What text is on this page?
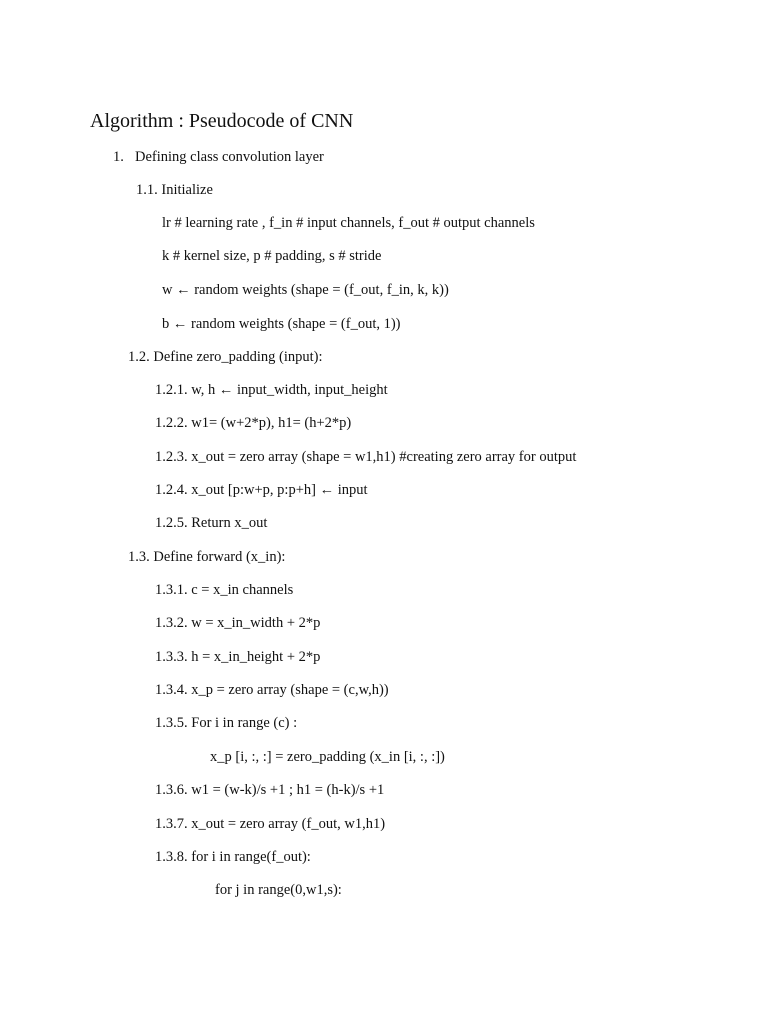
Algorithm : Pseudocode of CNN
1. Defining class convolution layer
1.1. Initialize
lr # learning rate , f_in # input channels, f_out # output channels
k # kernel size, p # padding, s # stride
w ← random weights (shape = (f_out, f_in, k, k))
b ← random weights (shape = (f_out, 1))
1.2. Define zero_padding (input):
1.2.1. w, h ← input_width, input_height
1.2.2. w1= (w+2*p), h1= (h+2*p)
1.2.3. x_out = zero array (shape = w1,h1) #creating zero array for output
1.2.4. x_out [p:w+p, p:p+h] ← input
1.2.5. Return x_out
1.3. Define forward (x_in):
1.3.1. c = x_in channels
1.3.2. w = x_in_width + 2*p
1.3.3. h = x_in_height + 2*p
1.3.4. x_p = zero array (shape = (c,w,h))
1.3.5. For i in range (c) :
x_p [i, :, :] = zero_padding (x_in [i, :, :])
1.3.6. w1 = (w-k)/s +1 ; h1 = (h-k)/s +1
1.3.7. x_out = zero array (f_out, w1,h1)
1.3.8. for i in range(f_out):
for j in range(0,w1,s):
